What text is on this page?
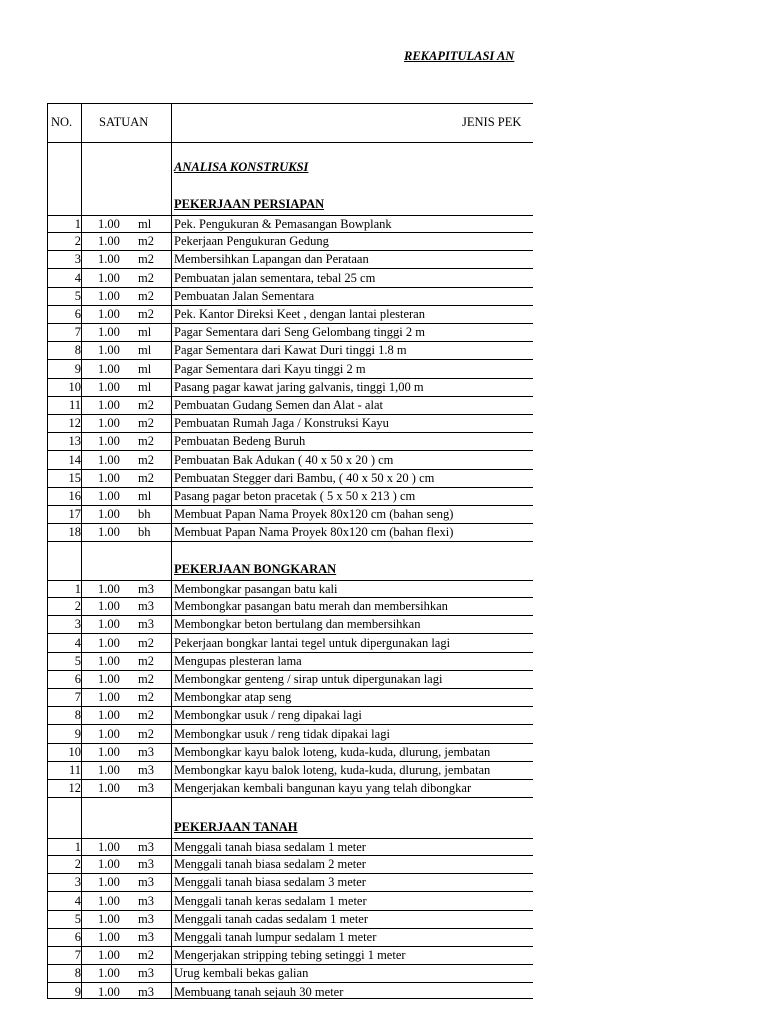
REKAPITULASI AN
NO. SATUAN	JENIS PEK
ANALISA KONSTRUKSI
PEKERJAAN PERSIAPAN
1 1.00 ml Pek. Pengukuran & Pemasangan Bowplank
2 1.00 m2 Pekerjaan Pengukuran Gedung
3 1.00 m2 Membersihkan Lapangan dan Perataan
4 1.00 m2 Pembuatan jalan sementara, tebal 25 cm
5 1.00 m2 Pembuatan Jalan Sementara
6 1.00 m2 Pek. Kantor Direksi Keet , dengan lantai plesteran
7 1.00 ml Pagar Sementara dari Seng Gelombang tinggi 2 m
8 1.00 ml Pagar Sementara dari Kawat Duri tinggi 1.8 m
9 1.00 ml Pagar Sementara dari Kayu tinggi 2 m
10 1.00 ml Pasang pagar kawat jaring galvanis, tinggi 1,00 m
11 1.00 m2 Pembuatan Gudang Semen dan Alat - alat
12 1.00 m2 Pembuatan Rumah Jaga / Konstruksi Kayu
13 1.00 m2 Pembuatan Bedeng Buruh
14 1.00 m2 Pembuatan Bak Adukan ( 40 x 50 x 20 ) cm
15 1.00 m2 Pembuatan Stegger dari Bambu, ( 40 x 50 x 20 ) cm
16 1.00 ml Pasang pagar beton pracetak ( 5 x 50 x 213 ) cm
17 1.00 bh Membuat Papan Nama Proyek 80x120 cm (bahan seng)
18 1.00 bh Membuat Papan Nama Proyek 80x120 cm (bahan flexi)
PEKERJAAN BONGKARAN
1 1.00 m3 Membongkar pasangan batu kali
2 1.00 m3 Membongkar pasangan batu merah dan membersihkan
3 1.00 m3 Membongkar beton bertulang dan membersihkan
4 1.00 m2 Pekerjaan bongkar lantai tegel untuk dipergunakan lagi
5 1.00 m2 Mengupas plesteran lama
6 1.00 m2 Membongkar genteng / sirap untuk dipergunakan lagi
7 1.00 m2 Membongkar atap seng
8 1.00 m2 Membongkar usuk / reng dipakai lagi
9 1.00 m2 Membongkar usuk / reng tidak dipakai lagi
10 1.00 m3 Membongkar kayu balok loteng, kuda-kuda, dlurung, jembatan
11 1.00 m3 Membongkar kayu balok loteng, kuda-kuda, dlurung, jembatan
12 1.00 m3 Mengerjakan kembali bangunan kayu yang telah dibongkar
PEKERJAAN TANAH
1 1.00 m3 Menggali tanah biasa sedalam 1 meter
2 1.00 m3 Menggali tanah biasa sedalam 2 meter
3 1.00 m3 Menggali tanah biasa sedalam 3 meter
4 1.00 m3 Menggali tanah keras sedalam 1 meter
5 1.00 m3 Menggali tanah cadas sedalam 1 meter
6 1.00 m3 Menggali tanah lumpur sedalam 1 meter
7 1.00 m2 Mengerjakan stripping tebing setinggi 1 meter
8 1.00 m3 Urug kembali bekas galian
9 1.00 m3 Membuang tanah sejauh 30 meter
